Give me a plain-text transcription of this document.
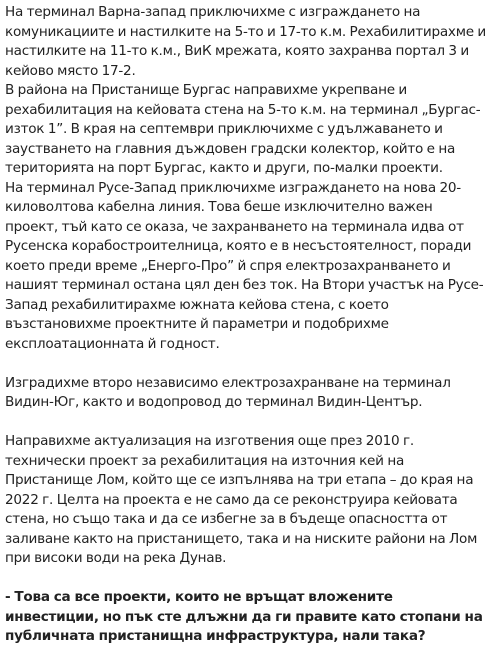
На терминал Варна-запад приключихме с изграждането на комуникациите и настилките на 5-то и 17-то к.м. Рехабилитирахме и настилките на 11-то к.м., ВиК мрежата, която захранва портал 3 и кейово място 17-2.

В района на Пристанище Бургас направихме укрепване и рехабилитация на кейовата стена на 5-то к.м. на терминал „Бургас-изток 1”. В края на септември приключихме с удължаването и заустването на главния дъждовен градски колектор, който е на територията на порт Бургас, както и други, по-малки проекти.

На терминал Русе-Запад приключихме изграждането на нова 20-киловолтова кабелна линия. Това беше изключително важен проект, тъй като се оказа, че захранването на терминала идва от Русенска корабостроителница, която е в несъстоятелност, поради което преди време „Енерго-Про” й спря електрозахранването и нашият терминал остана цял ден без ток. На Втори участък на Русе-Запад рехабилитирахме южната кейова стена, с което възстановихме проектните й параметри и подобрихме експлоатационната й годност.

Изградихме второ независимо електрозахранване на терминал Видин-Юг, както и водопровод до терминал Видин-Център.

Направихме актуализация на изготвения още през 2010 г. технически проект за рехабилитация на източния кей на Пристанище Лом, който ще се изпълнява на три етапа – до края на 2022 г. Целта на проекта е не само да се реконструира кейовата стена, но също така и да се избегне за в бъдеще опасността от заливане както на пристанището, така и на ниските райони на Лом при високи води на река Дунав.

- Това са все проекти, които не връщат вложените инвестиции, но пък сте длъжни да ги правите като стопани на публичната пристанищна инфраструктура, нали така?
